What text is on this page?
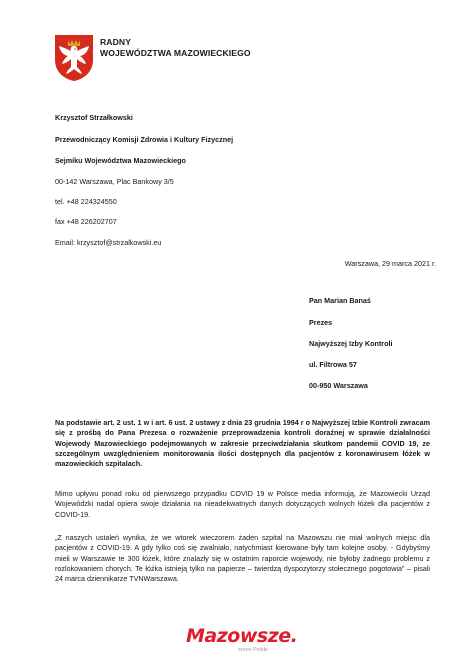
RADNY
WOJEWÓDZTWA MAZOWIECKIEGO
Krzysztof Strzałkowski
Przewodniczący Komisji Zdrowia i Kultury Fizycznej
Sejmiku Województwa Mazowieckiego
00-142 Warszawa, Plac Bankowy 3/5
tel. +48 224324550
fax +48 226202707
Email: krzysztof@strzalkowski.eu
Warszawa, 29 marca 2021 r.
Pan Marian Banaś
Prezes
Najwyższej Izby Kontroli
ul. Filtrowa 57
00-950 Warszawa
Na podstawie art. 2 ust. 1 w i art. 6 ust. 2 ustawy z dnia 23 grudnia 1994 r o Najwyższej Izbie Kontroli zwracam się z prośbą do Pana Prezesa o rozważenie przeprowadzenia kontroli doraźnej w sprawie działalności Wojewody Mazowieckiego podejmowanych w zakresie przeciwdziałania skutkom pandemii COVID 19, ze szczególnym uwzględnieniem monitorowania ilości dostępnych dla pacjentów z koronawirusem łóżek w mazowieckich szpitalach.
Mimo upływu ponad roku od pierwszego przypadku COVID 19 w Polsce media informują, że Mazowiecki Urząd Wojewódzki nadal opiera swoje działania na nieadekwatnych danych dotyczących wolnych łóżek dla pacjentów z COVID-19.
„Z naszych ustaleń wynika, że we wtorek wieczorem żaden szpital na Mazowszu nie miał wolnych miejsc dla pacjentów z COVID-19. A gdy tylko coś się zwalniało, natychmiast kierowane były tam kolejne osoby. - Gdybyśmy mieli w Warszawie te 300 łóżek, które znalazły się w ostatnim raporcie wojewody, nie byłoby żadnego problemu z rozlokowaniem chorych. Te łóżka istnieją tylko na papierze – twierdzą dyspozytorzy stołecznego pogotowia” – pisali 24 marca dziennikarze TVNWarszawa.
Mazowsze.
serce Polski
